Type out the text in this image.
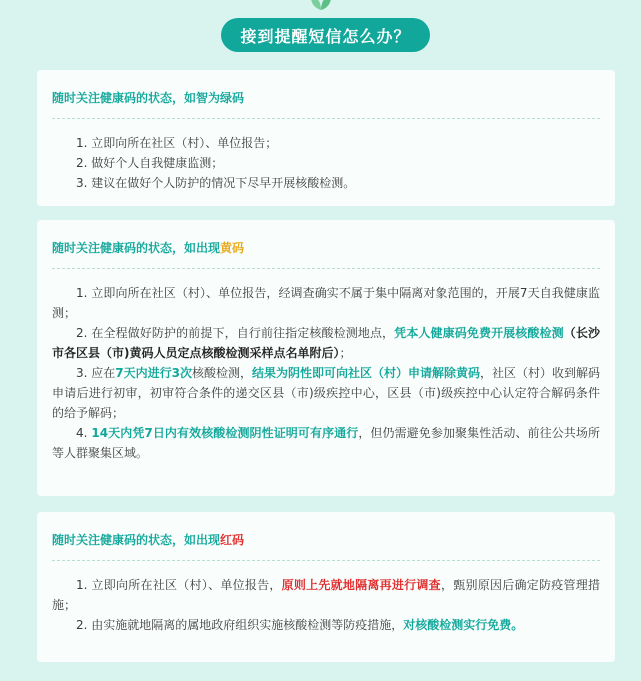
接到提醒短信怎么办？
随时关注健康码的状态，如智为绿码

1. 立即向所在社区（村）、单位报告；

2. 做好个人自我健康监测；

3. 建议在做好个人防护的情况下尽早开展核酸检测。

随时关注健康码的状态，如出现黄码

1. 立即向所在社区（村）、单位报告，经调查确实不属于集中隔离对象范围的，开展7天自我健康监测；

2. 在全程做好防护的前提下，自行前往指定核酸检测地点，凭本人健康码免费开展核酸检测（长沙市各区县（市)黄码人员定点核酸检测采样点名单附后）；

3. 应在7天内进行3次核酸检测，结果为阴性即可向社区（村）申请解除黄码，社区（村）收到解码申请后进行初审，初审符合条件的递交区县（市)级疾控中心，区县（市)级疾控中心认定符合解码条件的给予解码；

4. 14天内凭7日内有效核酸检测阴性证明可有序通行，但仍需避免参加聚集性活动、前往公共场所等人群聚集区域。

随时关注健康码的状态，如出现红码

1. 立即向所在社区（村）、单位报告，原则上先就地隔离再进行调查，甄别原因后确定防疫管理措施；

2. 由实施就地隔离的属地政府组织实施核酸检测等防疫措施，对核酸检测实行免费。
